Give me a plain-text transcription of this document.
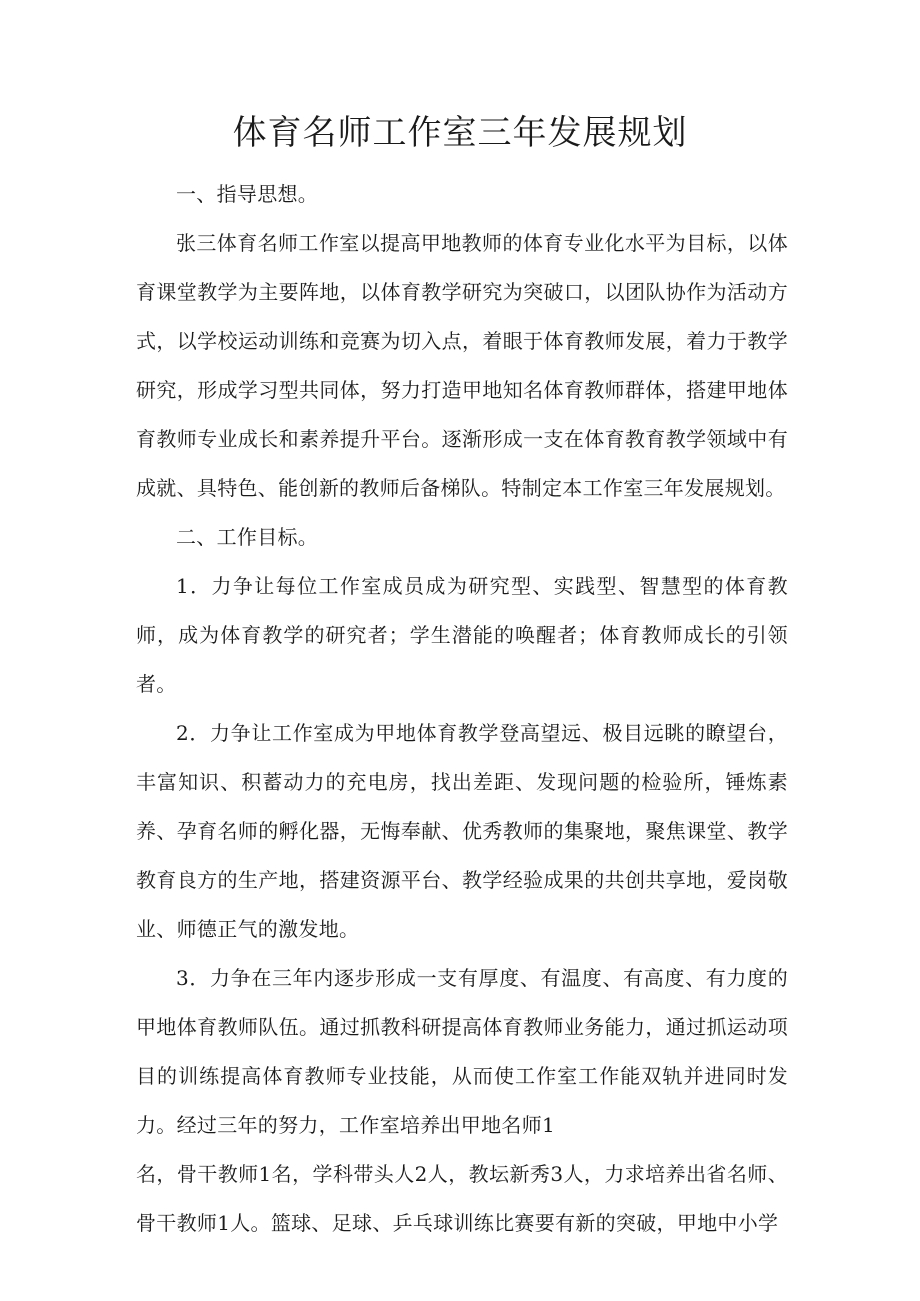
体育名师工作室三年发展规划

一、指导思想。

张三体育名师工作室以提高甲地教师的体育专业化水平为目标，以体育课堂教学为主要阵地，以体育教学研究为突破口，以团队协作为活动方式，以学校运动训练和竞赛为切入点，着眼于体育教师发展，着力于教学研究，形成学习型共同体，努力打造甲地知名体育教师群体，搭建甲地体育教师专业成长和素养提升平台。逐渐形成一支在体育教育教学领域中有成就、具特色、能创新的教师后备梯队。特制定本工作室三年发展规划。

二、工作目标。

1．力争让每位工作室成员成为研究型、实践型、智慧型的体育教师，成为体育教学的研究者；学生潜能的唤醒者；体育教师成长的引领者。

2．力争让工作室成为甲地体育教学登高望远、极目远眺的瞭望台，丰富知识、积蓄动力的充电房，找出差距、发现问题的检验所，锤炼素养、孕育名师的孵化器，无悔奉献、优秀教师的集聚地，聚焦课堂、教学教育良方的生产地，搭建资源平台、教学经验成果的共创共享地，爱岗敬业、师德正气的激发地。

3．力争在三年内逐步形成一支有厚度、有温度、有高度、有力度的甲地体育教师队伍。通过抓教科研提高体育教师业务能力，通过抓运动项目的训练提高体育教师专业技能，从而使工作室工作能双轨并进同时发力。经过三年的努力，工作室培养出甲地名师1

名，骨干教师1名，学科带头人2人，教坛新秀3人，力求培养出省名师、骨干教师1人。篮球、足球、乒乓球训练比赛要有新的突破，甲地中小学
